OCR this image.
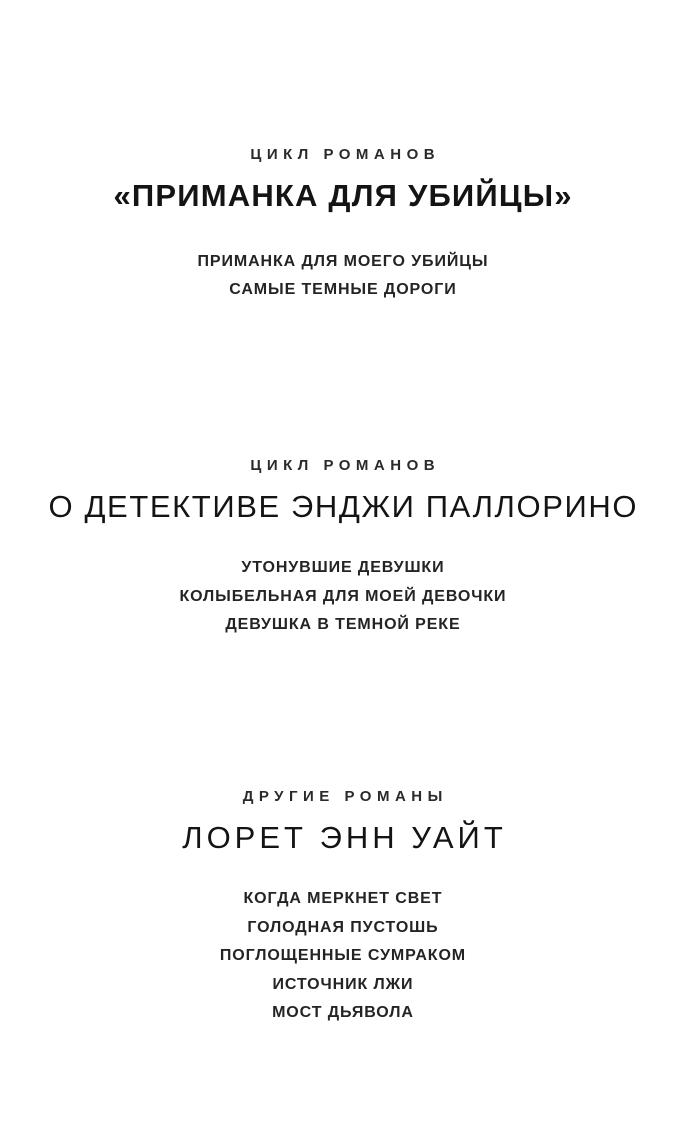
ЦИКЛ РОМАНОВ
«ПРИМАНКА ДЛЯ УБИЙЦЫ»
ПРИМАНКА ДЛЯ МОЕГО УБИЙЦЫ
САМЫЕ ТЕМНЫЕ ДОРОГИ
ЦИКЛ РОМАНОВ
О ДЕТЕКТИВЕ ЭНДЖИ ПАЛЛОРИНО
УТОНУВШИЕ ДЕВУШКИ
КОЛЫБЕЛЬНАЯ ДЛЯ МОЕЙ ДЕВОЧКИ
ДЕВУШКА В ТЕМНОЙ РЕКЕ
ДРУГИЕ РОМАНЫ
ЛОРЕТ ЭНН УАЙТ
КОГДА МЕРКНЕТ СВЕТ
ГОЛОДНАЯ ПУСТОШЬ
ПОГЛОЩЕННЫЕ СУМРАКОМ
ИСТОЧНИК ЛЖИ
МОСТ ДЬЯВОЛА
